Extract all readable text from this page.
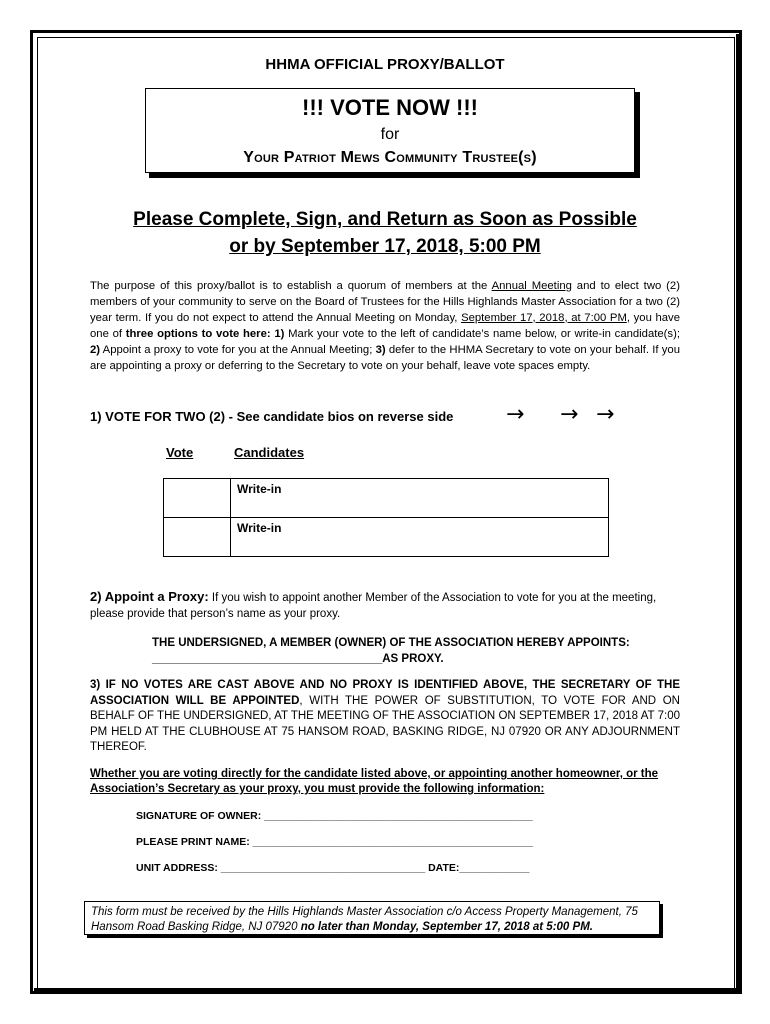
HHMA OFFICIAL PROXY/BALLOT
!!! VOTE NOW !!!
for
Your Patriot Mews Community Trustee(s)
Please Complete, Sign, and Return as Soon as Possible
or by September 17, 2018, 5:00 PM
The purpose of this proxy/ballot is to establish a quorum of members at the Annual Meeting and to elect two (2) members of your community to serve on the Board of Trustees for the Hills Highlands Master Association for a two (2) year term. If you do not expect to attend the Annual Meeting on Monday, September 17, 2018, at 7:00 PM, you have one of three options to vote here: 1) Mark your vote to the left of candidate’s name below, or write-in candidate(s); 2) Appoint a proxy to vote for you at the Annual Meeting; 3) defer to the HHMA Secretary to vote on your behalf. If you are appointing a proxy or deferring to the Secretary to vote on your behalf, leave vote spaces empty.
1) VOTE FOR TWO (2) - See candidate bios on reverse side → → →
Vote	Candidates
	Write-in
	Write-in
2) Appoint a Proxy: If you wish to appoint another Member of the Association to vote for you at the meeting, please provide that person’s name as your proxy.
THE UNDERSIGNED, A MEMBER (OWNER) OF THE ASSOCIATION HEREBY APPOINTS:
____________________________________AS PROXY.
3) IF NO VOTES ARE CAST ABOVE AND NO PROXY IS IDENTIFIED ABOVE, THE SECRETARY OF THE ASSOCIATION WILL BE APPOINTED, WITH THE POWER OF SUBSTITUTION, TO VOTE FOR AND ON BEHALF OF THE UNDERSIGNED, AT THE MEETING OF THE ASSOCIATION ON SEPTEMBER 17, 2018 AT 7:00 PM HELD AT THE CLUBHOUSE AT 75 HANSOM ROAD, BASKING RIDGE, NJ 07920 OR ANY ADJOURNMENT THEREOF.
Whether you are voting directly for the candidate listed above, or appointing another homeowner, or the Association’s Secretary as your proxy, you must provide the following information:
SIGNATURE OF OWNER: ______________________________________________
PLEASE PRINT NAME: ________________________________________________
UNIT ADDRESS: ___________________________________ DATE:____________
This form must be received by the Hills Highlands Master Association c/o Access Property Management, 75 Hansom Road Basking Ridge, NJ 07920 no later than Monday, September 17, 2018 at 5:00 PM.
